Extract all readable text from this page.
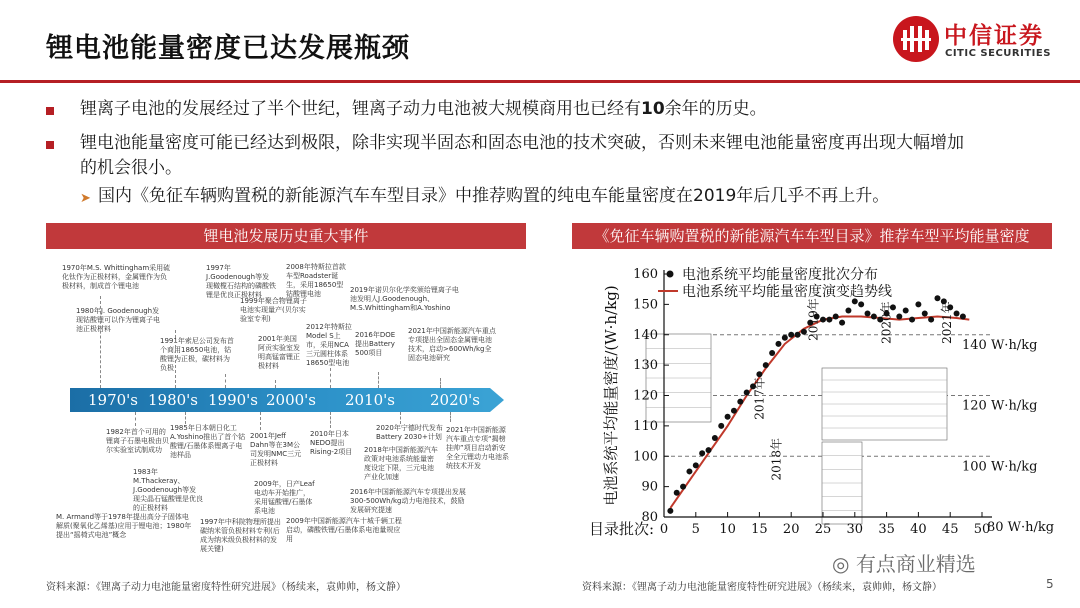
锂电池能量密度已达发展瓶颈	中信证券
CITIC SECURITIES
锂离子电池的发展经过了半个世纪，锂离子动力电池被大规模商用也已经有10余年的历史。
锂电池能量密度可能已经达到极限，除非实现半固态和固态电池的技术突破，否则未来锂电池能量密度再出现大幅增加
的机会很小。
➤ 国内《免征车辆购置税的新能源汽车车型目录》中推荐购置的纯电车能量密度在2019年后几乎不再上升。
锂电池发展历史重大事件
1970年M.S. Whittingham采用硫化钛作为正极材料，金属锂作为负极材料，制成首个锂电池
1980年J. Goodenough发现钴酸锂可以作为锂离子电池正极材料
1991年索尼公司发布首个商用18650电池，钴酸锂为正极，碳材料为负极
1997年J.Goodenough等发现橄榄石结构的磷酸铁锂是优良正极材料
1999年聚合物锂离子电池实现量产(贝尔实验室专利)
2001年美国阿贡实验室发明高锰富锂正极材料
2008年特斯拉首款车型Roadster诞生，采用18650型钴酸锂电池
2012年特斯拉Model S上市，采用NCA三元圆柱体系18650型电池
2016年DOE提出Battery 500项目
2019年诺贝尔化学奖颁给锂离子电池发明人J.Goodenough、M.S.Whittingham和A.Yoshino
2021年中国新能源汽车重点专项提出全固态金属锂电池技术，启动>600Wh/kg全固态电池研究
1970's 1980's 1990's 2000's 2010's 2020's
1982年首个可用的锂离子石墨电极由贝尔实验室试制成功
1983年M.Thackeray、J.Goodenough等发现尖晶石锰酸锂是优良的正极材料
1985年日本朝日化工A.Yoshino推出了首个钴酸锂/石墨体系锂离子电池样品
M. Armand等于1978年提出高分子固体电解质(聚氧化乙烯基)应用于锂电池；1980年提出“摇椅式电池”概念
1997年中科院物理所提出碳纳米管负极材料专利(后成为纳米级负极材料的发展关键)
2001年Jeff Dahn等在3M公司发明NMC三元正极材料
2009年，日产Leaf电动车开始推广，采用锰酸锂/石墨体系电池
2010年日本NEDO提出Rising-2项目
2009年中国新能源汽车十城千辆工程启动，磷酸铁锂/石墨体系电池量规应用
2016年中国新能源汽车专项提出发展300-500Wh/kg动力电池技术，鼓励发展研究提速
2020年宁德时代发布Battery 2030+计划
2018年中国新能源汽车政策对电池系统能量密度设定下限，三元电池产业化加速
2021年中国新能源汽车重点专项“揭榜挂帅”项目启动新安全全元锂动力电池系统技术开发
资料来源：《锂离子动力电池能量密度特性研究进展》（杨续来，袁帅帅，杨文静）
《免征车辆购置税的新能源汽车车型目录》推荐车型平均能量密度
140 W·h/kg
120 W·h/kg
100 W·h/kg
80 W·h/kg
80
90
100
110
120
130
140
150
160
0 5 10 15 20 25 30 35 40 45 50
目录批次:
电池系统平均能量密度/(W·h/kg)
电池系统平均能量密度批次分布
电池系统平均能量密度演变趋势线
2017年
2018年
2019年	2020年	2021年
资料来源：《锂离子动力电池能量密度特性研究进展》（杨续来，袁帅帅，杨文静）
◎ 有点商业精选
5
